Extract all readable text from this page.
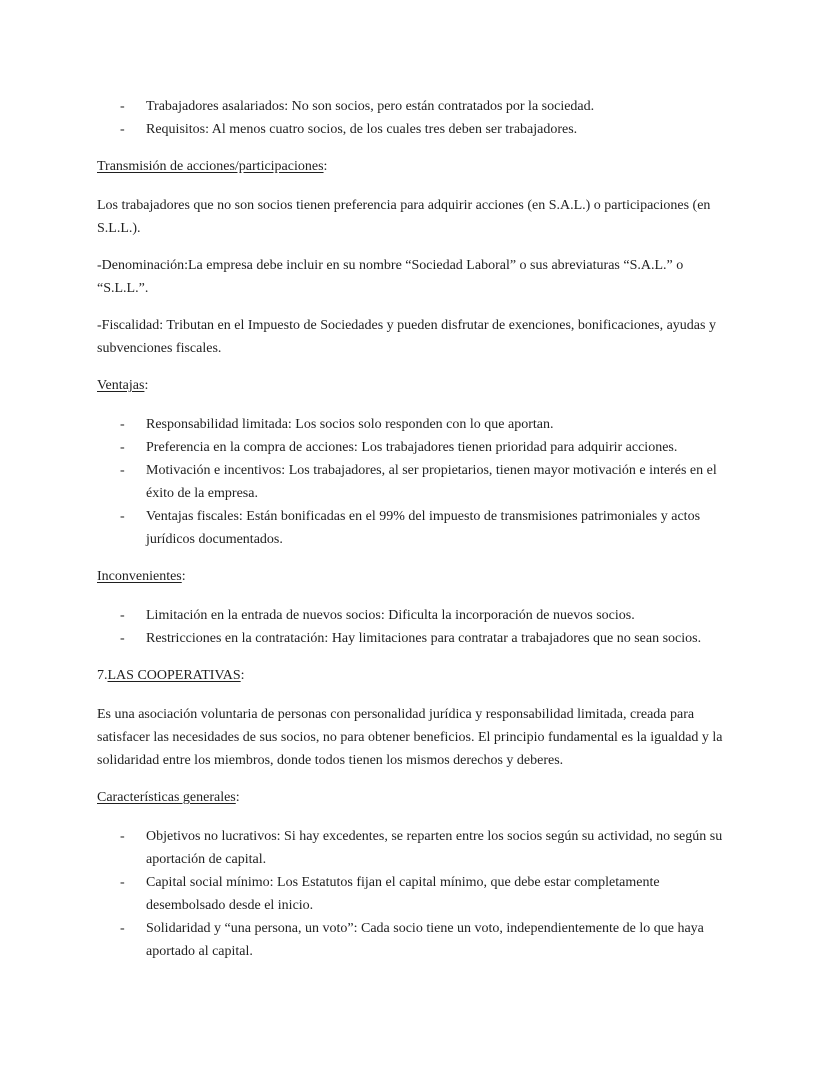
- Trabajadores asalariados: No son socios, pero están contratados por la sociedad.
- Requisitos: Al menos cuatro socios, de los cuales tres deben ser trabajadores.

Transmisión de acciones/participaciones:

Los trabajadores que no son socios tienen preferencia para adquirir acciones (en S.A.L.) o participaciones (en S.L.L.).

-Denominación:La empresa debe incluir en su nombre “Sociedad Laboral” o sus abreviaturas “S.A.L.” o “S.L.L.”.

-Fiscalidad: Tributan en el Impuesto de Sociedades y pueden disfrutar de exenciones, bonificaciones, ayudas y subvenciones fiscales.

Ventajas:

- Responsabilidad limitada: Los socios solo responden con lo que aportan.
- Preferencia en la compra de acciones: Los trabajadores tienen prioridad para adquirir acciones.
- Motivación e incentivos: Los trabajadores, al ser propietarios, tienen mayor motivación e interés en el éxito de la empresa.
- Ventajas fiscales: Están bonificadas en el 99% del impuesto de transmisiones patrimoniales y actos jurídicos documentados.

Inconvenientes:

- Limitación en la entrada de nuevos socios: Dificulta la incorporación de nuevos socios.
- Restricciones en la contratación: Hay limitaciones para contratar a trabajadores que no sean socios.

7.LAS COOPERATIVAS:

Es una asociación voluntaria de personas con personalidad jurídica y responsabilidad limitada, creada para satisfacer las necesidades de sus socios, no para obtener beneficios. El principio fundamental es la igualdad y la solidaridad entre los miembros, donde todos tienen los mismos derechos y deberes.

Características generales:

- Objetivos no lucrativos: Si hay excedentes, se reparten entre los socios según su actividad, no según su aportación de capital.
- Capital social mínimo: Los Estatutos fijan el capital mínimo, que debe estar completamente desembolsado desde el inicio.
- Solidaridad y “una persona, un voto”: Cada socio tiene un voto, independientemente de lo que haya aportado al capital.
